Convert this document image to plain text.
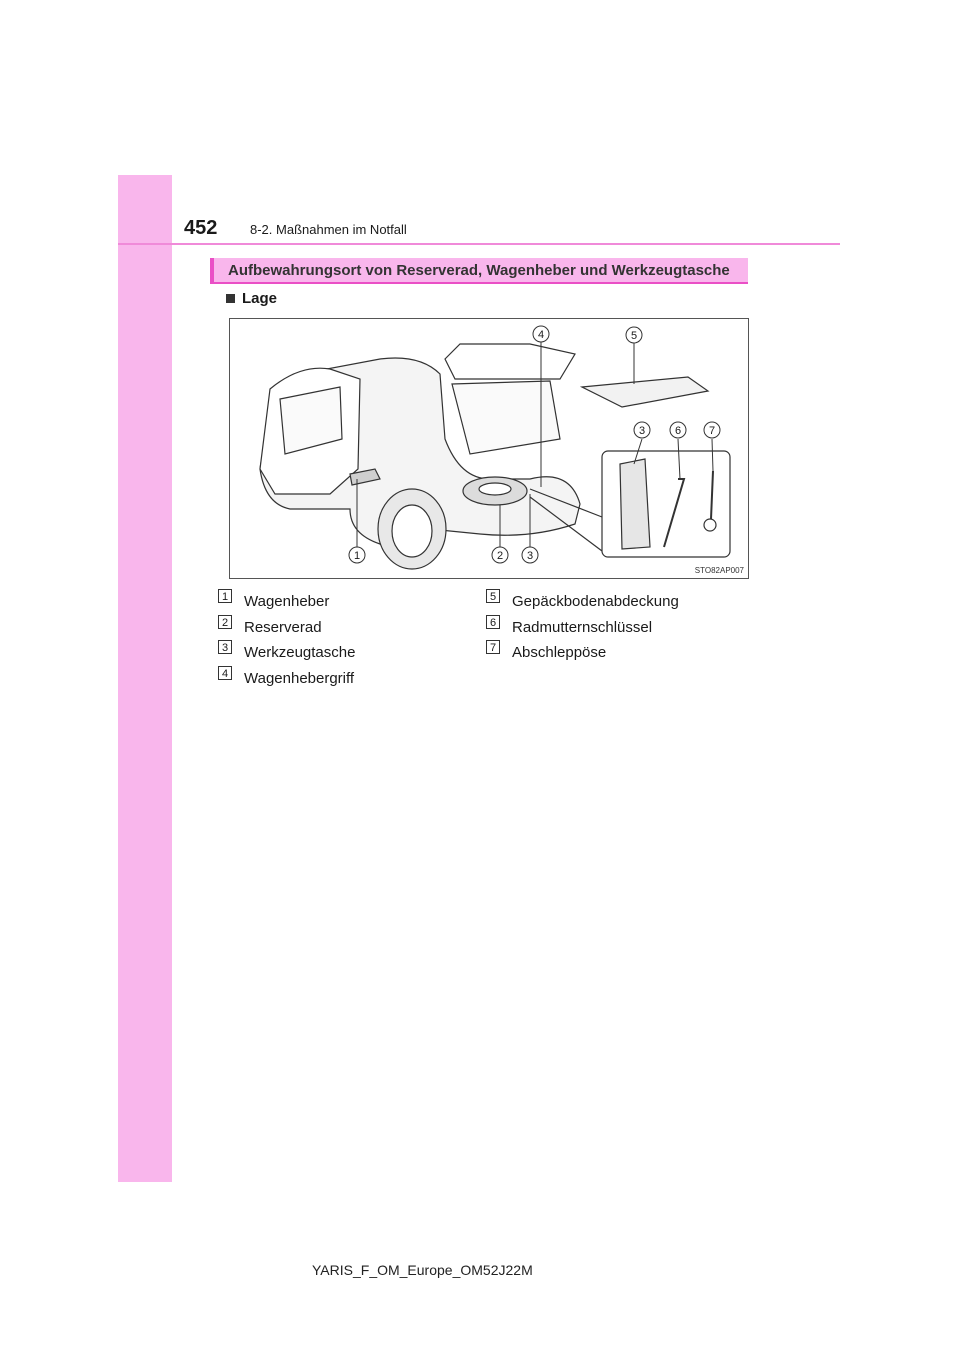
452	8-2. Maßnahmen im Notfall
Aufbewahrungsort von Reserverad, Wagenheber und Werkzeugtasche
Lage
1	2 3
4	5
3	6	7
STO82AP007
1 Wagenheber
2 Reserverad
3 Werkzeugtasche
4 Wagenhebergriff
5 Gepäckbodenabdeckung
6 Radmutternschlüssel
7 Abschleppöse
YARIS_F_OM_Europe_OM52J22M
